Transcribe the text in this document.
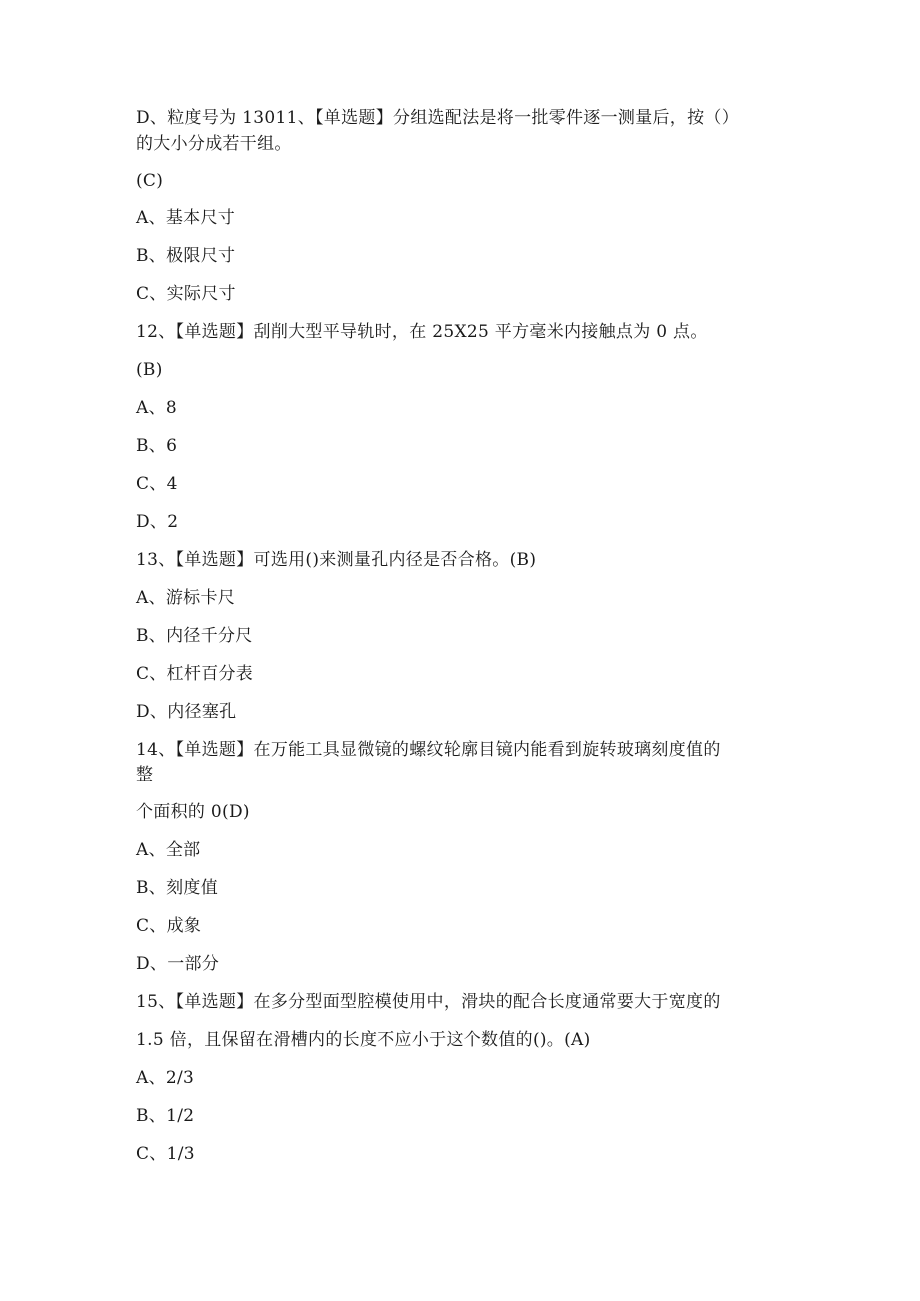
D、粒度号为 13011、【单选题】分组选配法是将一批零件逐一测量后，按（）
的大小分成若干组。
(C)
A、基本尺寸
B、极限尺寸
C、实际尺寸
12、【单选题】刮削大型平导轨时，在 25X25 平方毫米内接触点为 0 点。
(B)
A、8
B、6
C、4
D、2
13、【单选题】可选用()来测量孔内径是否合格。(B)
A、游标卡尺
B、内径千分尺
C、杠杆百分表
D、内径塞孔
14、【单选题】在万能工具显微镜的螺纹轮廓目镜内能看到旋转玻璃刻度值的
整
个面积的 0(D)
A、全部
B、刻度值
C、成象
D、一部分
15、【单选题】在多分型面型腔模使用中，滑块的配合长度通常要大于宽度的
1.5 倍，且保留在滑槽内的长度不应小于这个数值的()。(A)
A、2/3
B、1/2
C、1/3
